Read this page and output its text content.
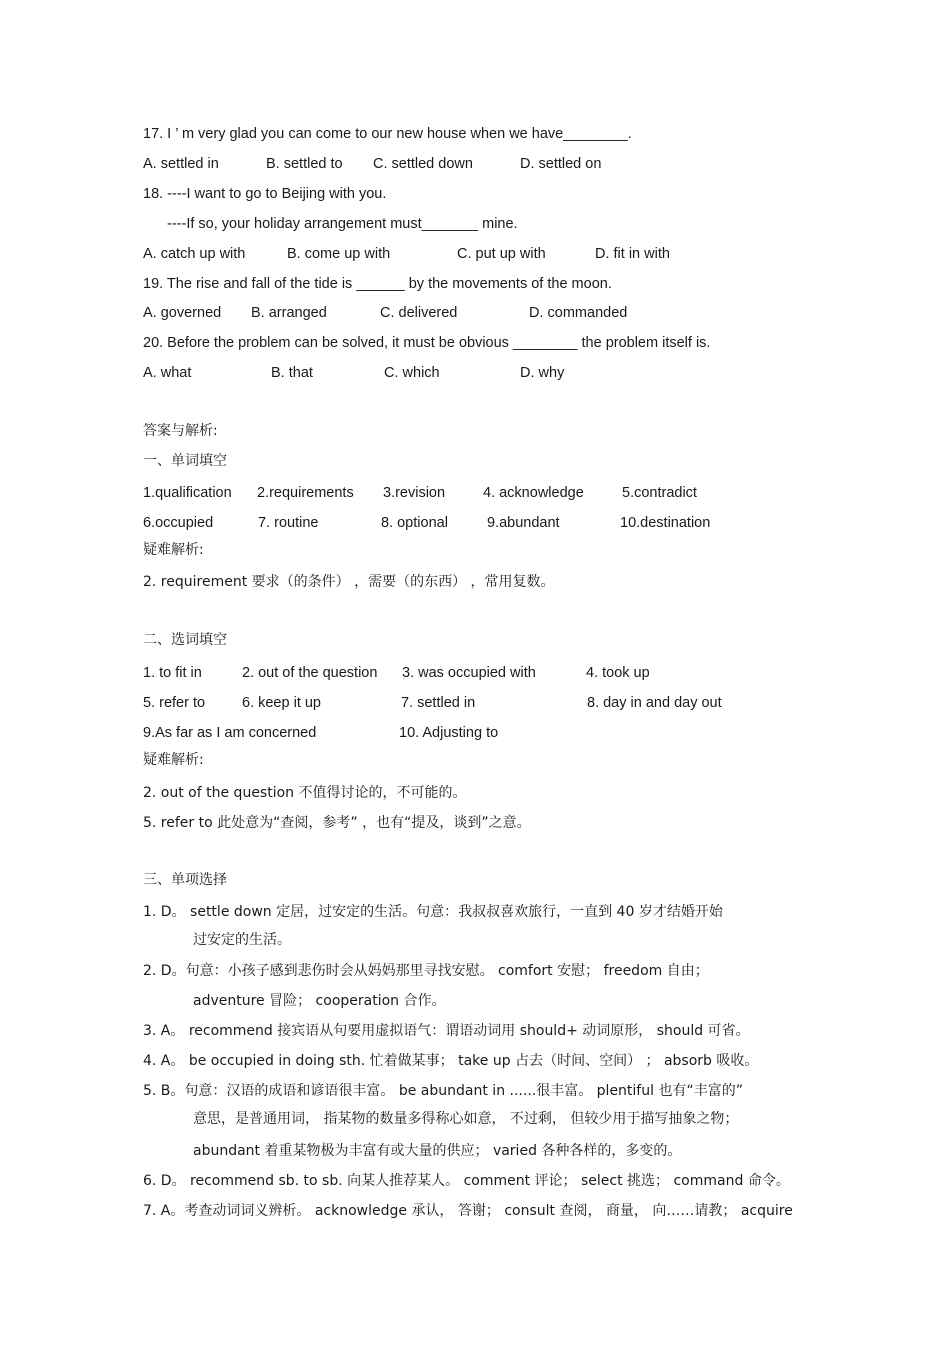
17. I ’ m very glad you can come to our new house when we have________.
A. settled in	B. settled to C. settled down	D. settled on
18. ----I want to go to Beijing with you.
----If so, your holiday arrangement must_______ mine.
A. catch up with	B. come up with	C. put up with	D. fit in with
19. The rise and fall of the tide is ______ by the movements of the moon.
A. governed B. arranged	C. delivered	D. commanded
20. Before the problem can be solved, it must be obvious ________ the problem itself is.
A. what	B. that	C. which	D. why
答案与解析:
一、单词填空
1.qualification 2.requirements 3.revision	4. acknowledge	5.contradict
6.occupied	7. routine	8. optional	9.abundant	10.destination
疑难解析:
2. requirement 要求（的条件） ，需要（的东西） ，常用复数。
二、选词填空
1. to fit in	2. out of the question 3. was occupied with	4. took up
5. refer to	6. keep it up	7. settled in	8. day in and day out
9.As far as I am concerned	10. Adjusting to
疑难解析:
2. out of the question 不值得讨论的，不可能的。
5. refer to 此处意为“查阅，参考” ，也有“提及，谈到”之意。
三、单项选择
1. D。 settle down 定居，过安定的生活。句意：我叔叔喜欢旅行，一直到 40 岁才结婚开始
过安定的生活。
2. D。句意：小孩子感到悲伤时会从妈妈那里寻找安慰。 comfort 安慰； freedom 自由；
adventure 冒险； cooperation 合作。
3. A。 recommend 接宾语从句要用虚拟语气：谓语动词用 should+ 动词原形， should 可省。
4. A。 be occupied in doing sth. 忙着做某事； take up 占去（时间、空间） ； absorb 吸收。
5. B。句意：汉语的成语和谚语很丰富。 be abundant in ......很丰富。 plentiful 也有“丰富的”
意思，是普通用词， 指某物的数量多得称心如意， 不过剩， 但较少用于描写抽象之物；
abundant 着重某物极为丰富有或大量的供应； varied 各种各样的，多变的。
6. D。 recommend sb. to sb. 向某人推荐某人。 comment 评论； select 挑选； command 命令。
7. A。考查动词词义辨析。 acknowledge 承认， 答谢； consult 查阅， 商量， 向……请教； acquire
